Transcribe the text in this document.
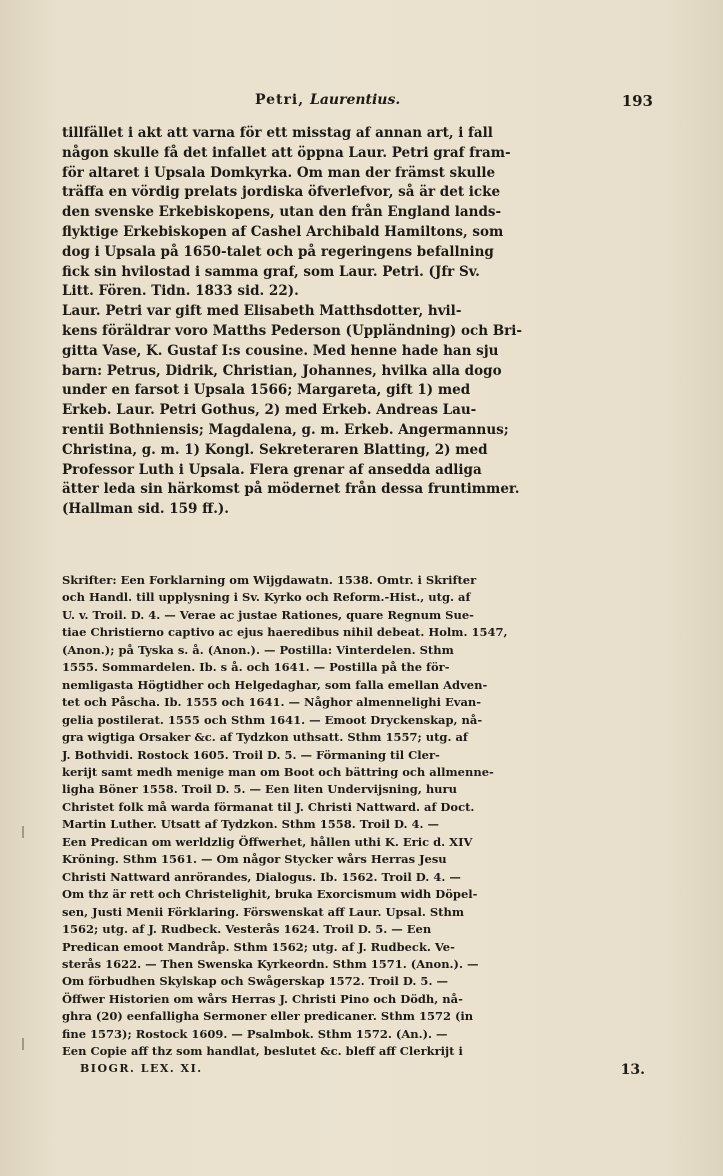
Petri, Laurentius.	193
tillfället i akt att varna för ett misstag af annan art, i fall
någon skulle få det infallet att öppna Laur. Petri graf fram-
för altaret i Upsala Domkyrka. Om man der främst skulle
träffa en vördig prelats jordiska öfverlefvor, så är det icke
den svenske Erkebiskopens, utan den från England lands-
flyktige Erkebiskopen af Cashel Archibald Hamiltons, som
dog i Upsala på 1650-talet och på regeringens befallning
fick sin hvilostad i samma graf, som Laur. Petri. (Jfr Sv.
Litt. Fören. Tidn. 1833 sid. 22).
Laur. Petri var gift med Elisabeth Matthsdotter, hvil-
kens föräldrar voro Matths Pederson (Uppländning) och Bri-
gitta Vase, K. Gustaf I:s cousine. Med henne hade han sju
barn: Petrus, Didrik, Christian, Johannes, hvilka alla dogo
under en farsot i Upsala 1566; Margareta, gift 1) med
Erkeb. Laur. Petri Gothus, 2) med Erkeb. Andreas Lau-
rentii Bothniensis; Magdalena, g. m. Erkeb. Angermannus;
Christina, g. m. 1) Kongl. Sekreteraren Blatting, 2) med
Professor Luth i Upsala. Flera grenar af ansedda adliga
ätter leda sin härkomst på mödernet från dessa fruntimmer.
(Hallman sid. 159 ff.).
Skrifter: Een Forklarning om Wijgdawatn. 1538. Omtr. i Skrifter
och Handl. till upplysning i Sv. Kyrko och Reform.-Hist., utg. af
U. v. Troil. D. 4. — Verae ac justae Rationes, quare Regnum Sue-
tiae Christierno captivo ac ejus haeredibus nihil debeat. Holm. 1547,
(Anon.); på Tyska s. å. (Anon.). — Postilla: Vinterdelen. Sthm
1555. Sommardelen. Ib. s å. och 1641. — Postilla på the för-
nemligasta Högtidher och Helgedaghar, som falla emellan Adven-
tet och Påscha. Ib. 1555 och 1641. — Någhor almennelighi Evan-
gelia postilerat. 1555 och Sthm 1641. — Emoot Dryckenskap, nå-
gra wigtiga Orsaker &c. af Tydzkon uthsatt. Sthm 1557; utg. af
J. Bothvidi. Rostock 1605. Troil D. 5. — Förmaning til Cler-
kerijt samt medh menige man om Boot och bättring och allmenne-
ligha Böner 1558. Troil D. 5. — Een liten Undervijsning, huru
Christet folk må warda förmanat til J. Christi Nattward. af Doct.
Martin Luther. Utsatt af Tydzkon. Sthm 1558. Troil D. 4. —
Een Predican om werldzlig Öffwerhet, hållen uthi K. Eric d. XIV
Kröning. Sthm 1561. — Om någor Stycker wårs Herras Jesu
Christi Nattward anrörandes, Dialogus. Ib. 1562. Troil D. 4. —
Om thz är rett och Christelighit, bruka Exorcismum widh Döpel-
sen, Justi Menii Förklaring. Förswenskat aff Laur. Upsal. Sthm
1562; utg. af J. Rudbeck. Vesterås 1624. Troil D. 5. — Een
Predican emoot Mandråp. Sthm 1562; utg. af J. Rudbeck. Ve-
sterås 1622. — Then Swenska Kyrkeordn. Sthm 1571. (Anon.). —
Om förbudhen Skylskap och Swågerskap 1572. Troil D. 5. —
Öffwer Historien om wårs Herras J. Christi Pino och Dödh, nå-
ghra (20) eenfalligha Sermoner eller predicaner. Sthm 1572 (in
fine 1573); Rostock 1609. — Psalmbok. Sthm 1572. (An.). —
Een Copie aff thz som handlat, beslutet &c. bleff aff Clerkrijt i
BIOGR. LEX. XI.	13.
